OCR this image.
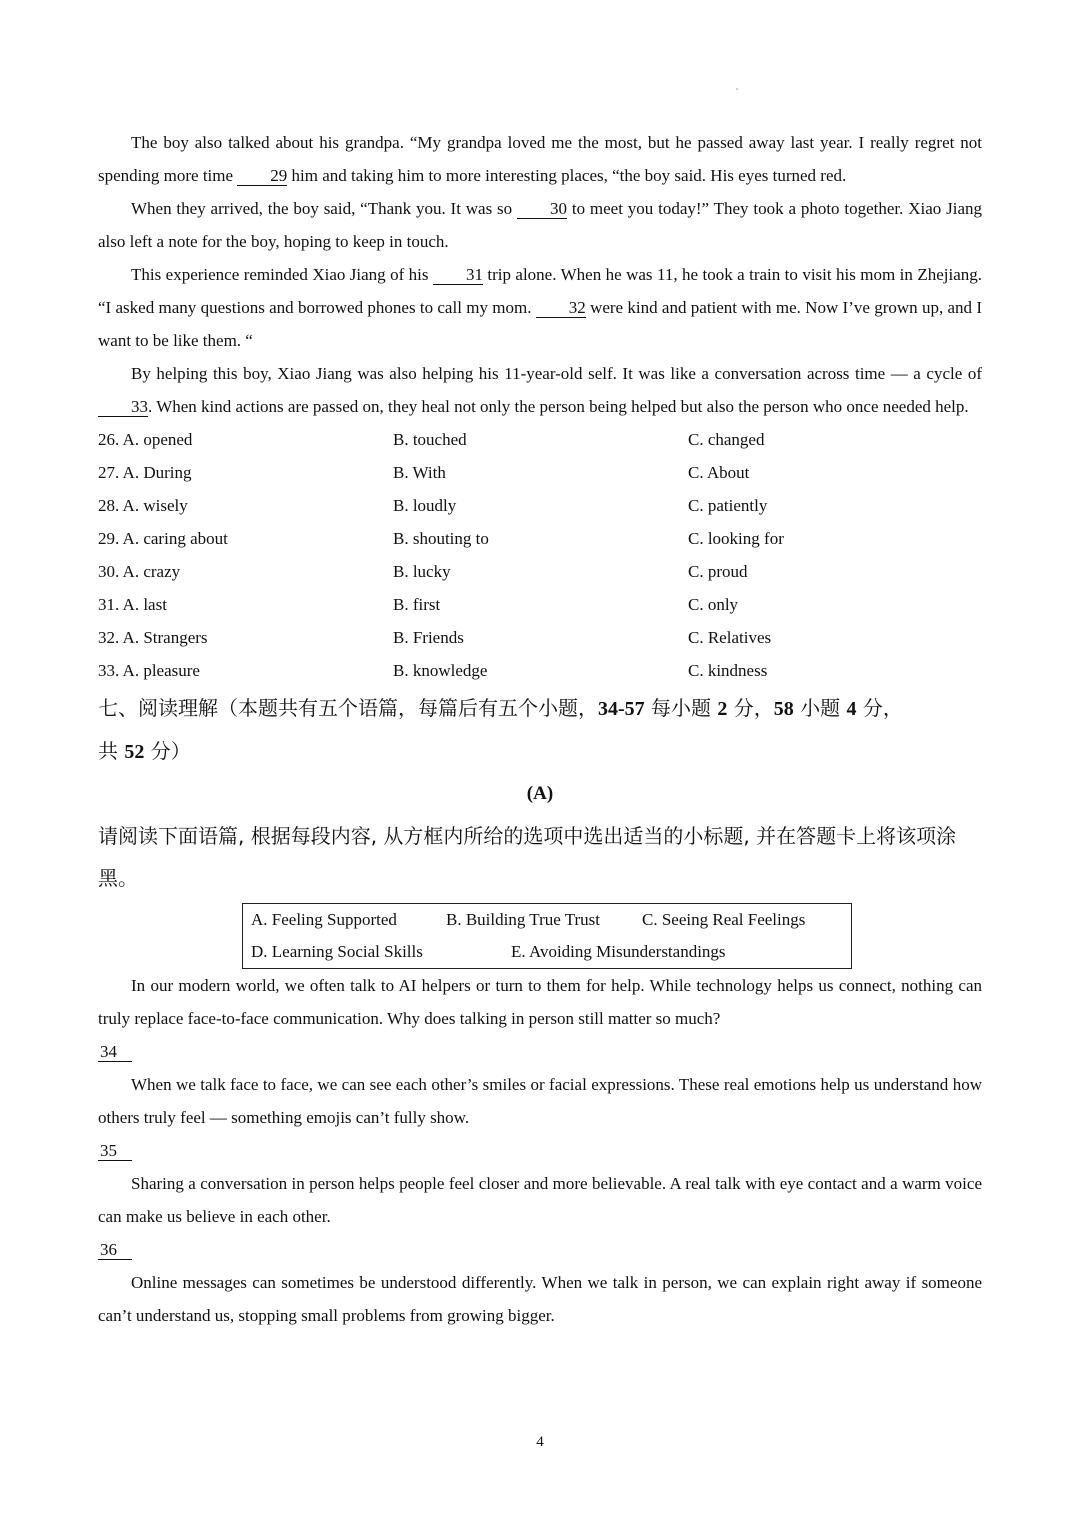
The boy also talked about his grandpa. “My grandpa loved me the most, but he passed away last year. I really regret not spending more time 29 him and taking him to more interesting places, “the boy said. His eyes turned red.

When they arrived, the boy said, “Thank you. It was so 30 to meet you today!” They took a photo together. Xiao Jiang also left a note for the boy, hoping to keep in touch.

This experience reminded Xiao Jiang of his 31 trip alone. When he was 11, he took a train to visit his mom in Zhejiang. “I asked many questions and borrowed phones to call my mom. 32 were kind and patient with me. Now I’ve grown up, and I want to be like them. “

By helping this boy, Xiao Jiang was also helping his 11-year-old self. It was like a conversation across time — a cycle of 33. When kind actions are passed on, they heal not only the person being helped but also the person who once needed help.

26. A. opened	B. touched	C. changed
27. A. During	B. With	C. About
28. A. wisely	B. loudly	C. patiently
29. A. caring about	B. shouting to	C. looking for
30. A. crazy	B. lucky	C. proud
31. A. last	B. first	C. only
32. A. Strangers	B. Friends	C. Relatives
33. A. pleasure	B. knowledge	C. kindness

七、阅读理解（本题共有五个语篇，每篇后有五个小题，34-57 每小题 2 分，58 小题 4 分，
共 52 分）

(A)

请阅读下面语篇, 根据每段内容, 从方框内所给的选项中选出适当的小标题, 并在答题卡上将该项涂黑。

A. Feeling Supported	B. Building True Trust	C. Seeing Real Feelings
D. Learning Social Skills	E. Avoiding Misunderstandings

In our modern world, we often talk to AI helpers or turn to them for help. While technology helps us connect, nothing can truly replace face-to-face communication. Why does talking in person still matter so much?

34

When we talk face to face, we can see each other’s smiles or facial expressions. These real emotions help us understand how others truly feel — something emojis can’t fully show.

35

Sharing a conversation in person helps people feel closer and more believable. A real talk with eye contact and a warm voice can make us believe in each other.

36

Online messages can sometimes be understood differently. When we talk in person, we can explain right away if someone can’t understand us, stopping small problems from growing bigger.

4
